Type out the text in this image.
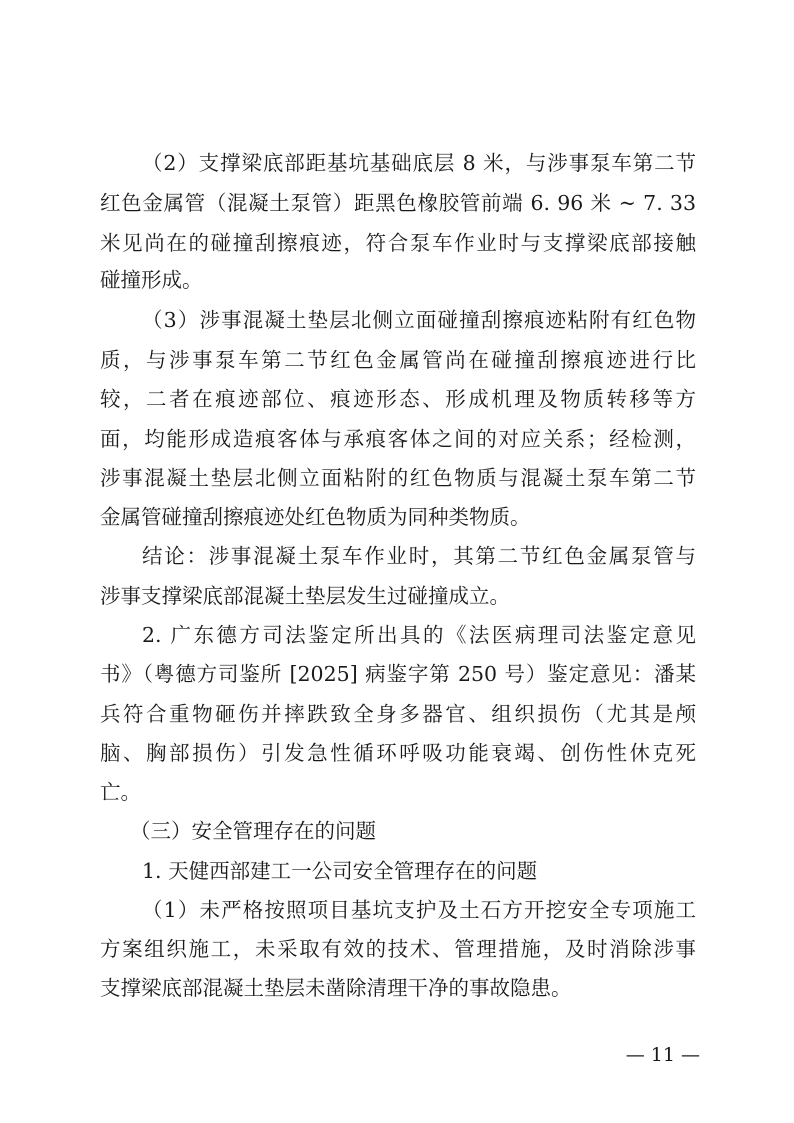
（2）支撑梁底部距基坑基础底层 8 米，与涉事泵车第二节
红色金属管（混凝土泵管）距黑色橡胶管前端 6. 96 米 ~ 7. 33
米见尚在的碰撞刮擦痕迹，符合泵车作业时与支撑梁底部接触
碰撞形成。
（3）涉事混凝土垫层北侧立面碰撞刮擦痕迹粘附有红色物
质，与涉事泵车第二节红色金属管尚在碰撞刮擦痕迹进行比
较，二者在痕迹部位、痕迹形态、形成机理及物质转移等方
面，均能形成造痕客体与承痕客体之间的对应关系；经检测，
涉事混凝土垫层北侧立面粘附的红色物质与混凝土泵车第二节
金属管碰撞刮擦痕迹处红色物质为同种类物质。
结论：涉事混凝土泵车作业时，其第二节红色金属泵管与
涉事支撑梁底部混凝土垫层发生过碰撞成立。
2. 广东德方司法鉴定所出具的《法医病理司法鉴定意见
书》（粤德方司鉴所 [2025] 病鉴字第 250 号）鉴定意见：潘某
兵符合重物砸伤并摔跌致全身多器官、组织损伤（尤其是颅
脑、胸部损伤）引发急性循环呼吸功能衰竭、创伤性休克死
亡。
（三）安全管理存在的问题
1. 天健西部建工一公司安全管理存在的问题
（1）未严格按照项目基坑支护及土石方开挖安全专项施工
方案组织施工，未采取有效的技术、管理措施，及时消除涉事
支撑梁底部混凝土垫层未凿除清理干净的事故隐患。
— 11 —
